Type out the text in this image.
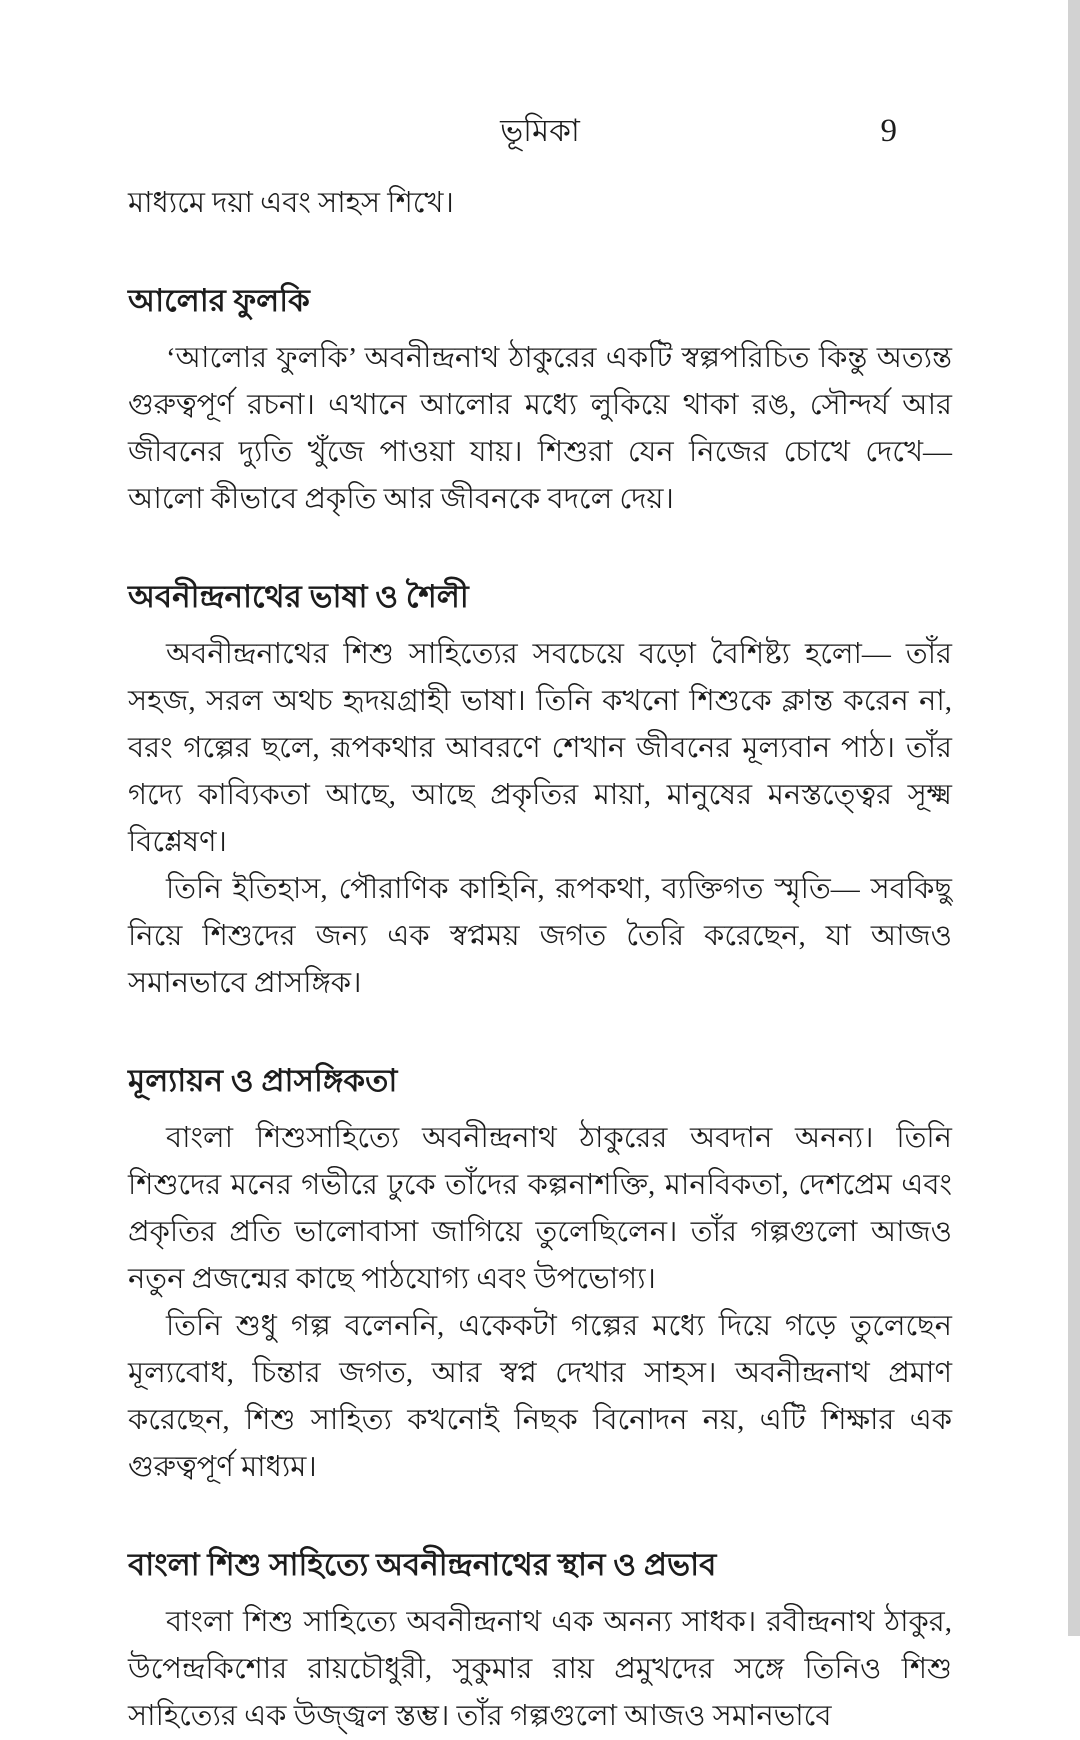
ভূমিকা	9

মাধ্যমে দয়া এবং সাহস শিখে।

আলোর ফুলকি

‘আলোর ফুলকি’ অবনীন্দ্রনাথ ঠাকুরের একটি স্বল্পপরিচিত কিন্তু অত্যন্ত গুরুত্বপূর্ণ রচনা। এখানে আলোর মধ্যে লুকিয়ে থাকা রঙ, সৌন্দর্য আর জীবনের দ্যুতি খুঁজে পাওয়া যায়। শিশুরা যেন নিজের চোখে দেখে— আলো কীভাবে প্রকৃতি আর জীবনকে বদলে দেয়।

অবনীন্দ্রনাথের ভাষা ও শৈলী

অবনীন্দ্রনাথের শিশু সাহিত্যের সবচেয়ে বড়ো বৈশিষ্ট্য হলো— তাঁর সহজ, সরল অথচ হৃদয়গ্রাহী ভাষা। তিনি কখনো শিশুকে ক্লান্ত করেন না, বরং গল্পের ছলে, রূপকথার আবরণে শেখান জীবনের মূল্যবান পাঠ। তাঁর গদ্যে কাব্যিকতা আছে, আছে প্রকৃতির মায়া, মানুষের মনস্তত্ত্বের সূক্ষ্ম বিশ্লেষণ।

তিনি ইতিহাস, পৌরাণিক কাহিনি, রূপকথা, ব্যক্তিগত স্মৃতি— সবকিছু নিয়ে শিশুদের জন্য এক স্বপ্নময় জগত তৈরি করেছেন, যা আজও সমানভাবে প্রাসঙ্গিক।

মূল্যায়ন ও প্রাসঙ্গিকতা

বাংলা শিশুসাহিত্যে অবনীন্দ্রনাথ ঠাকুরের অবদান অনন্য। তিনি শিশুদের মনের গভীরে ঢুকে তাঁদের কল্পনাশক্তি, মানবিকতা, দেশপ্রেম এবং প্রকৃতির প্রতি ভালোবাসা জাগিয়ে তুলেছিলেন। তাঁর গল্পগুলো আজও নতুন প্রজন্মের কাছে পাঠযোগ্য এবং উপভোগ্য।

তিনি শুধু গল্প বলেননি, একেকটা গল্পের মধ্যে দিয়ে গড়ে তুলেছেন মূল্যবোধ, চিন্তার জগত, আর স্বপ্ন দেখার সাহস। অবনীন্দ্রনাথ প্রমাণ করেছেন, শিশু সাহিত্য কখনোই নিছক বিনোদন নয়, এটি শিক্ষার এক গুরুত্বপূর্ণ মাধ্যম।

বাংলা শিশু সাহিত্যে অবনীন্দ্রনাথের স্থান ও প্রভাব

বাংলা শিশু সাহিত্যে অবনীন্দ্রনাথ এক অনন্য সাধক। রবীন্দ্রনাথ ঠাকুর, উপেন্দ্রকিশোর রায়চৌধুরী, সুকুমার রায় প্রমুখদের সঙ্গে তিনিও শিশু সাহিত্যের এক উজ্জ্বল স্তম্ভ। তাঁর গল্পগুলো আজও সমানভাবে
